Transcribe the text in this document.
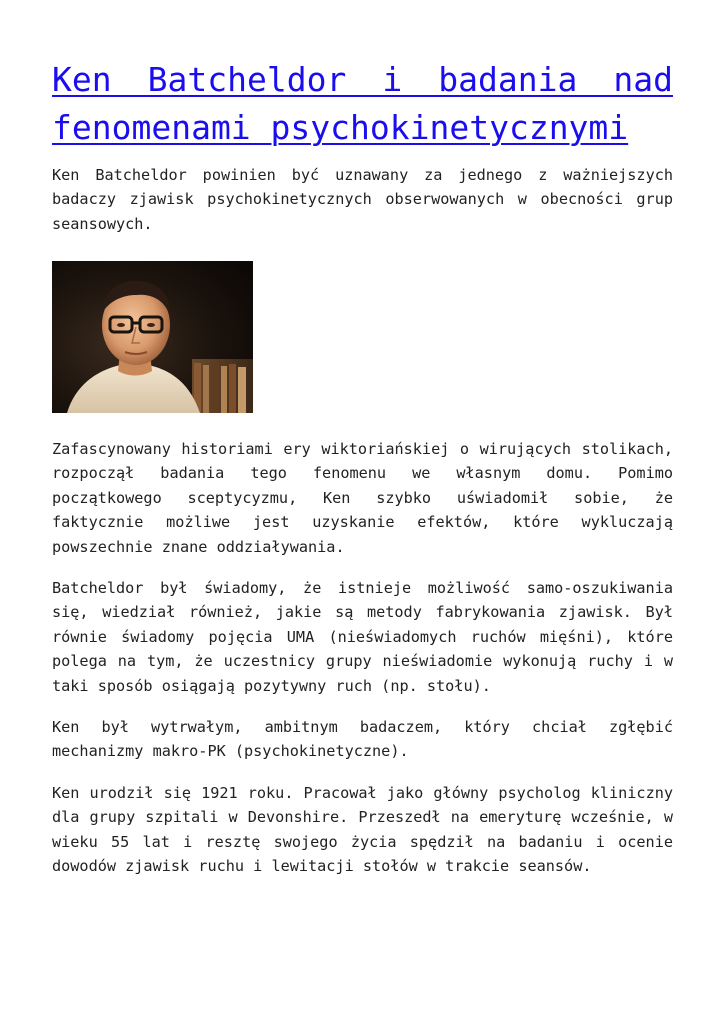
Ken Batcheldor i badania nad fenomenami psychokinetycznymi

Ken Batcheldor powinien być uznawany za jednego z ważniejszych badaczy zjawisk psychokinetycznych obserwowanych w obecności grup seansowych.

Zafascynowany historiami ery wiktoriańskiej o wirujących stolikach, rozpoczął badania tego fenomenu we własnym domu. Pomimo początkowego sceptycyzmu, Ken szybko uświadomił sobie, że faktycznie możliwe jest uzyskanie efektów, które wykluczają powszechnie znane oddziaływania.

Batcheldor był świadomy, że istnieje możliwość samo-oszukiwania się, wiedział również, jakie są metody fabrykowania zjawisk. Był równie świadomy pojęcia UMA (nieświadomych ruchów mięśni), które polega na tym, że uczestnicy grupy nieświadomie wykonują ruchy i w taki sposób osiągają pozytywny ruch (np. stołu).

Ken był wytrwałym, ambitnym badaczem, który chciał zgłębić mechanizmy makro-PK (psychokinetyczne).

Ken urodził się 1921 roku. Pracował jako główny psycholog kliniczny dla grupy szpitali w Devonshire. Przeszedł na emeryturę wcześnie, w wieku 55 lat i resztę swojego życia spędził na badaniu i ocenie dowodów zjawisk ruchu i lewitacji stołów w trakcie seansów.
